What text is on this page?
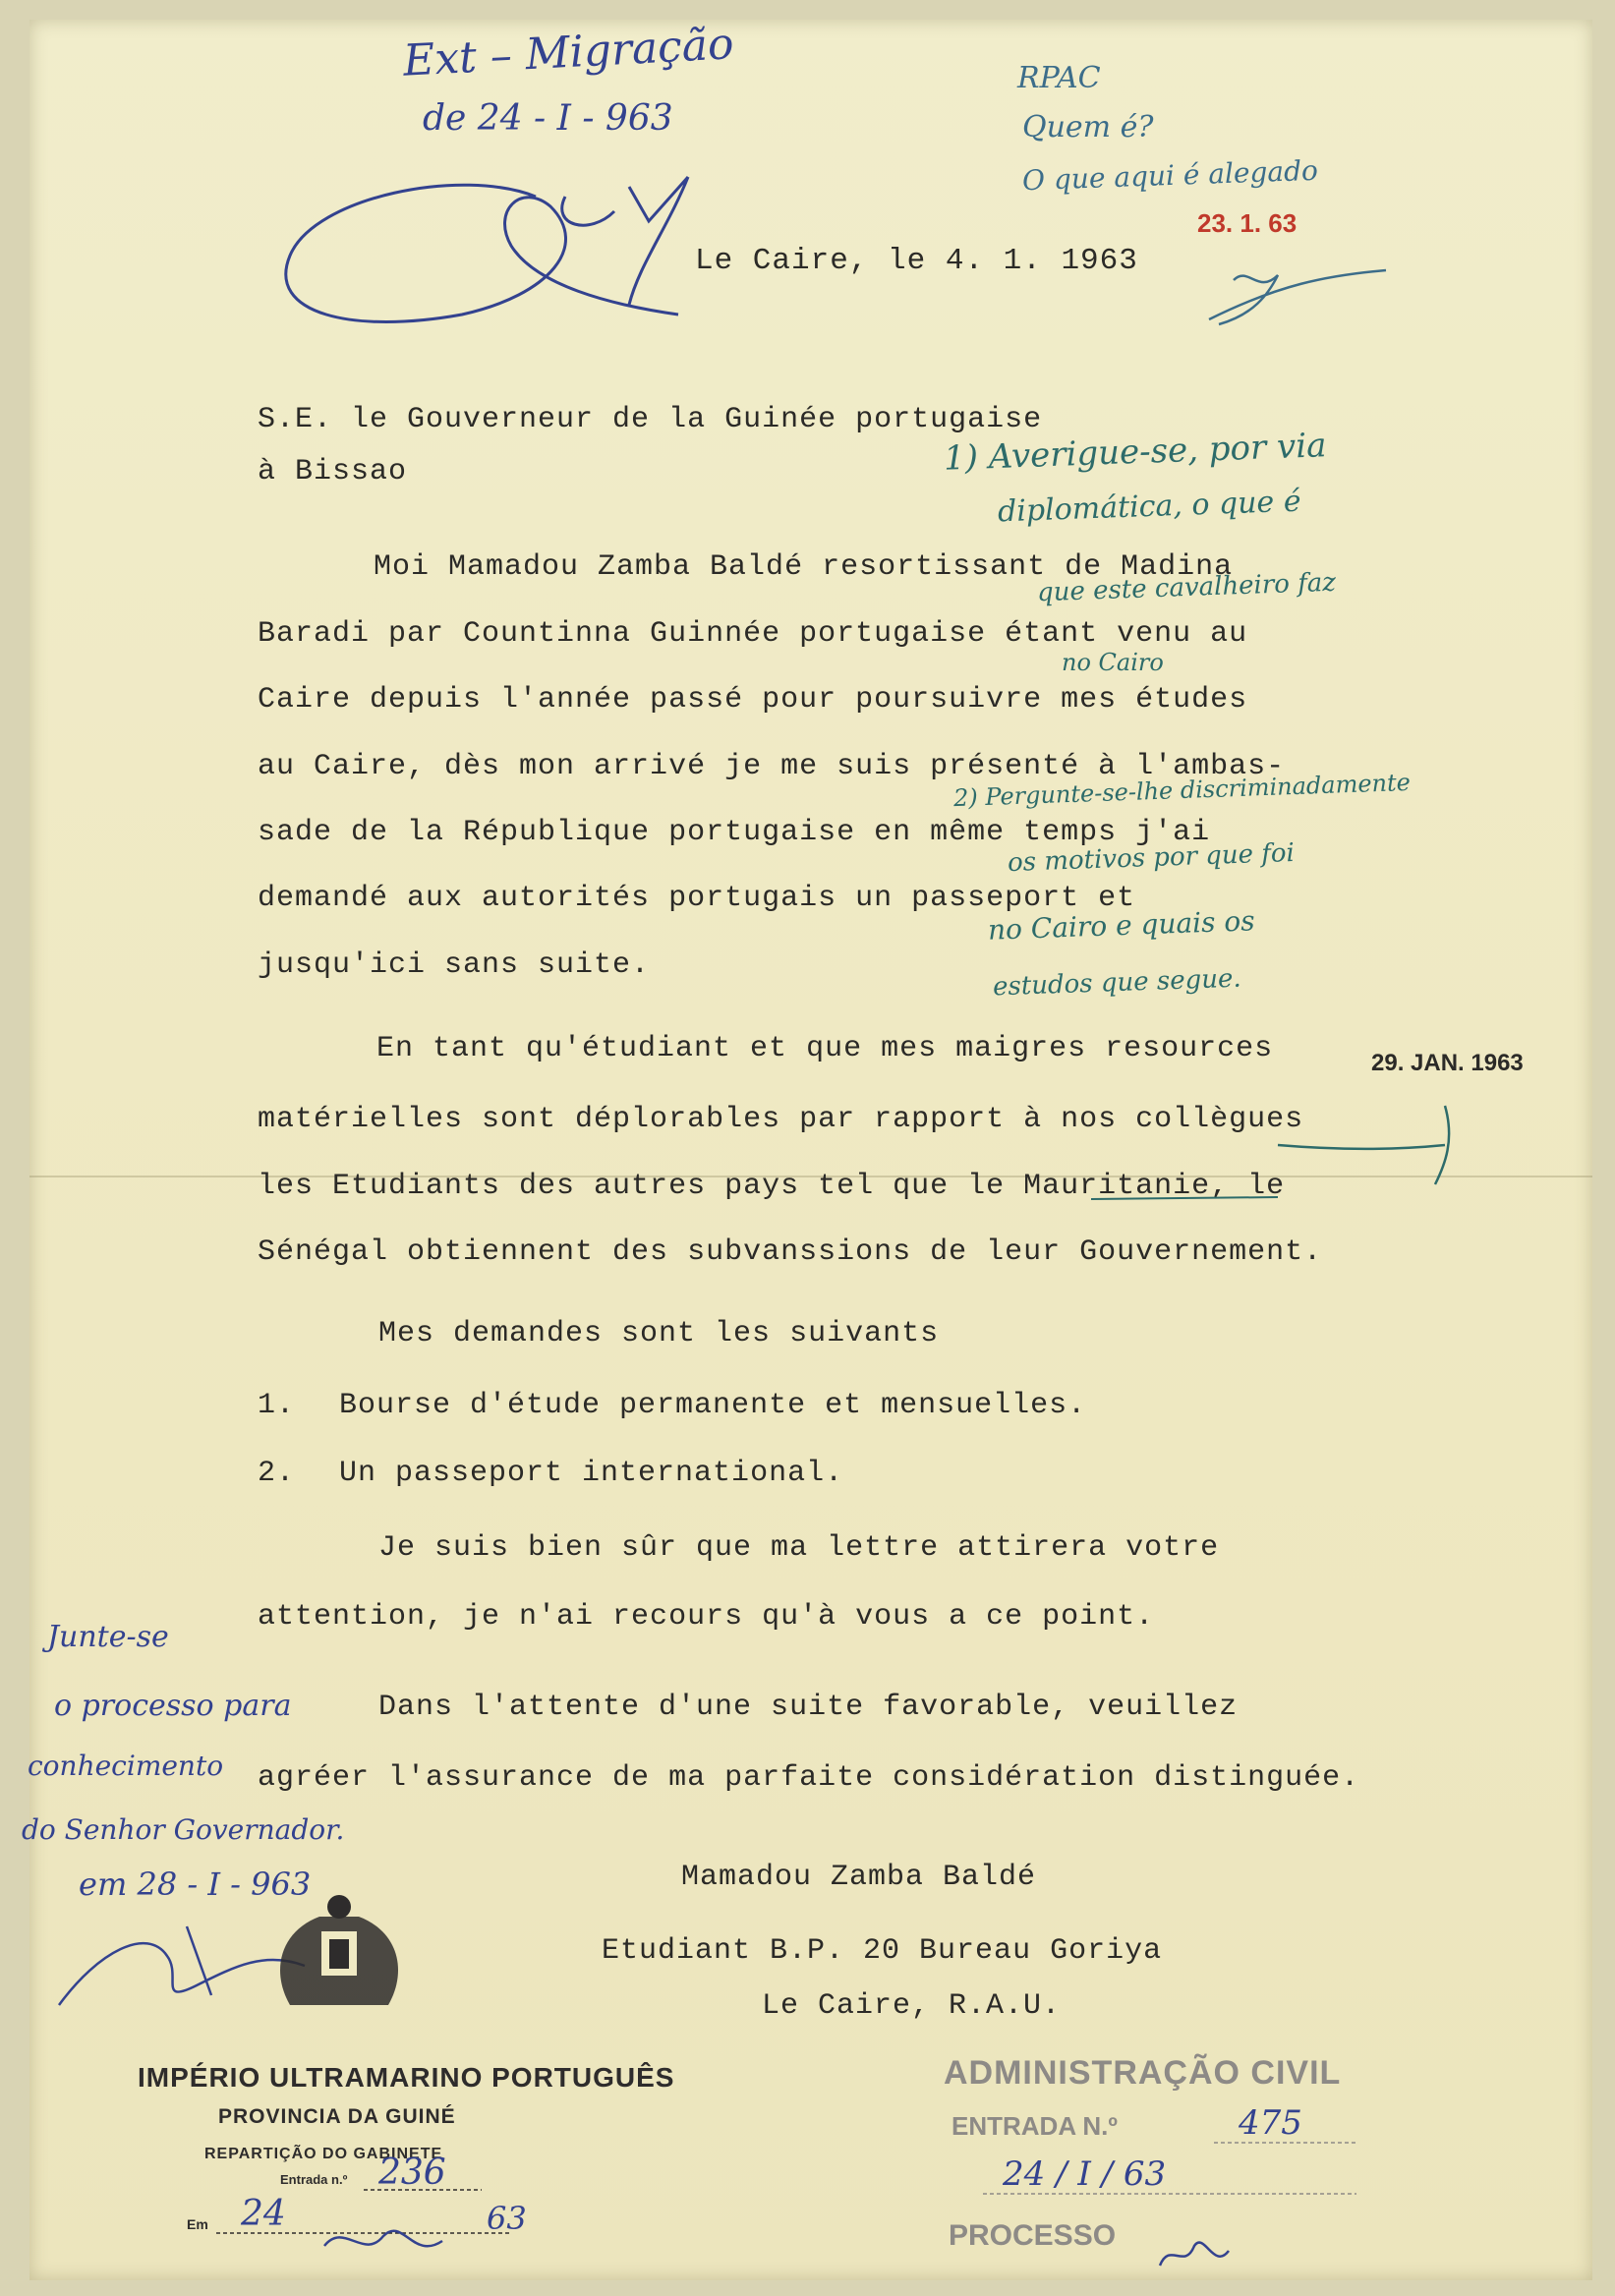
Le Caire, le 4. 1. 1963
S.E. le Gouverneur de la Guinée portugaise
à Bissao
Moi Mamadou Zamba Baldé resortissant de Madina
Baradi par Countinna Guinnée portugaise étant venu au
Caire depuis l'année passé pour poursuivre mes études
au Caire, dès mon arrivé je me suis présenté à l'ambas-
sade de la République portugaise en même temps j'ai
demandé aux autorités portugais un passeport et
jusqu'ici sans suite.
En tant qu'étudiant et que mes maigres resources
matérielles sont déplorables par rapport à nos collègues
les Etudiants des autres pays tel que le Mauritanie, le
Sénégal obtiennent des subvanssions de leur Gouvernement.
Mes demandes sont les suivants
1. Bourse d'étude permanente et mensuelles.
2. Un passeport international.
Je suis bien sûr que ma lettre attirera votre
attention, je n'ai recours qu'à vous a ce point.
Dans l'attente d'une suite favorable, veuillez
agréer l'assurance de ma parfaite considération distinguée.
Mamadou Zamba Baldé
Etudiant B.P. 20 Bureau Goriya
Le Caire, R.A.U.
23. 1. 63
29. JAN. 1963
Ext – Migração
de 24 - I - 963
RPAC
Quem é?
O que aqui é alegado
1) Averigue-se, por via
diplomática, o que é
que este cavalheiro faz
no Cairo
2) Pergunte-se-lhe discriminadamente
os motivos por que foi
no Cairo e quais os
estudos que segue.
Junte-se
o processo para
conhecimento
do Senhor Governador.
em 28 - I - 963
IMPÉRIO ULTRAMARINO PORTUGUÊS
PROVINCIA DA GUINÉ
REPARTIÇÃO DO GABINETE
Entrada n.º 236
Em 24	63
ADMINISTRAÇÃO CIVIL
ENTRADA N.º	475
24 / I / 63
PROCESSO
